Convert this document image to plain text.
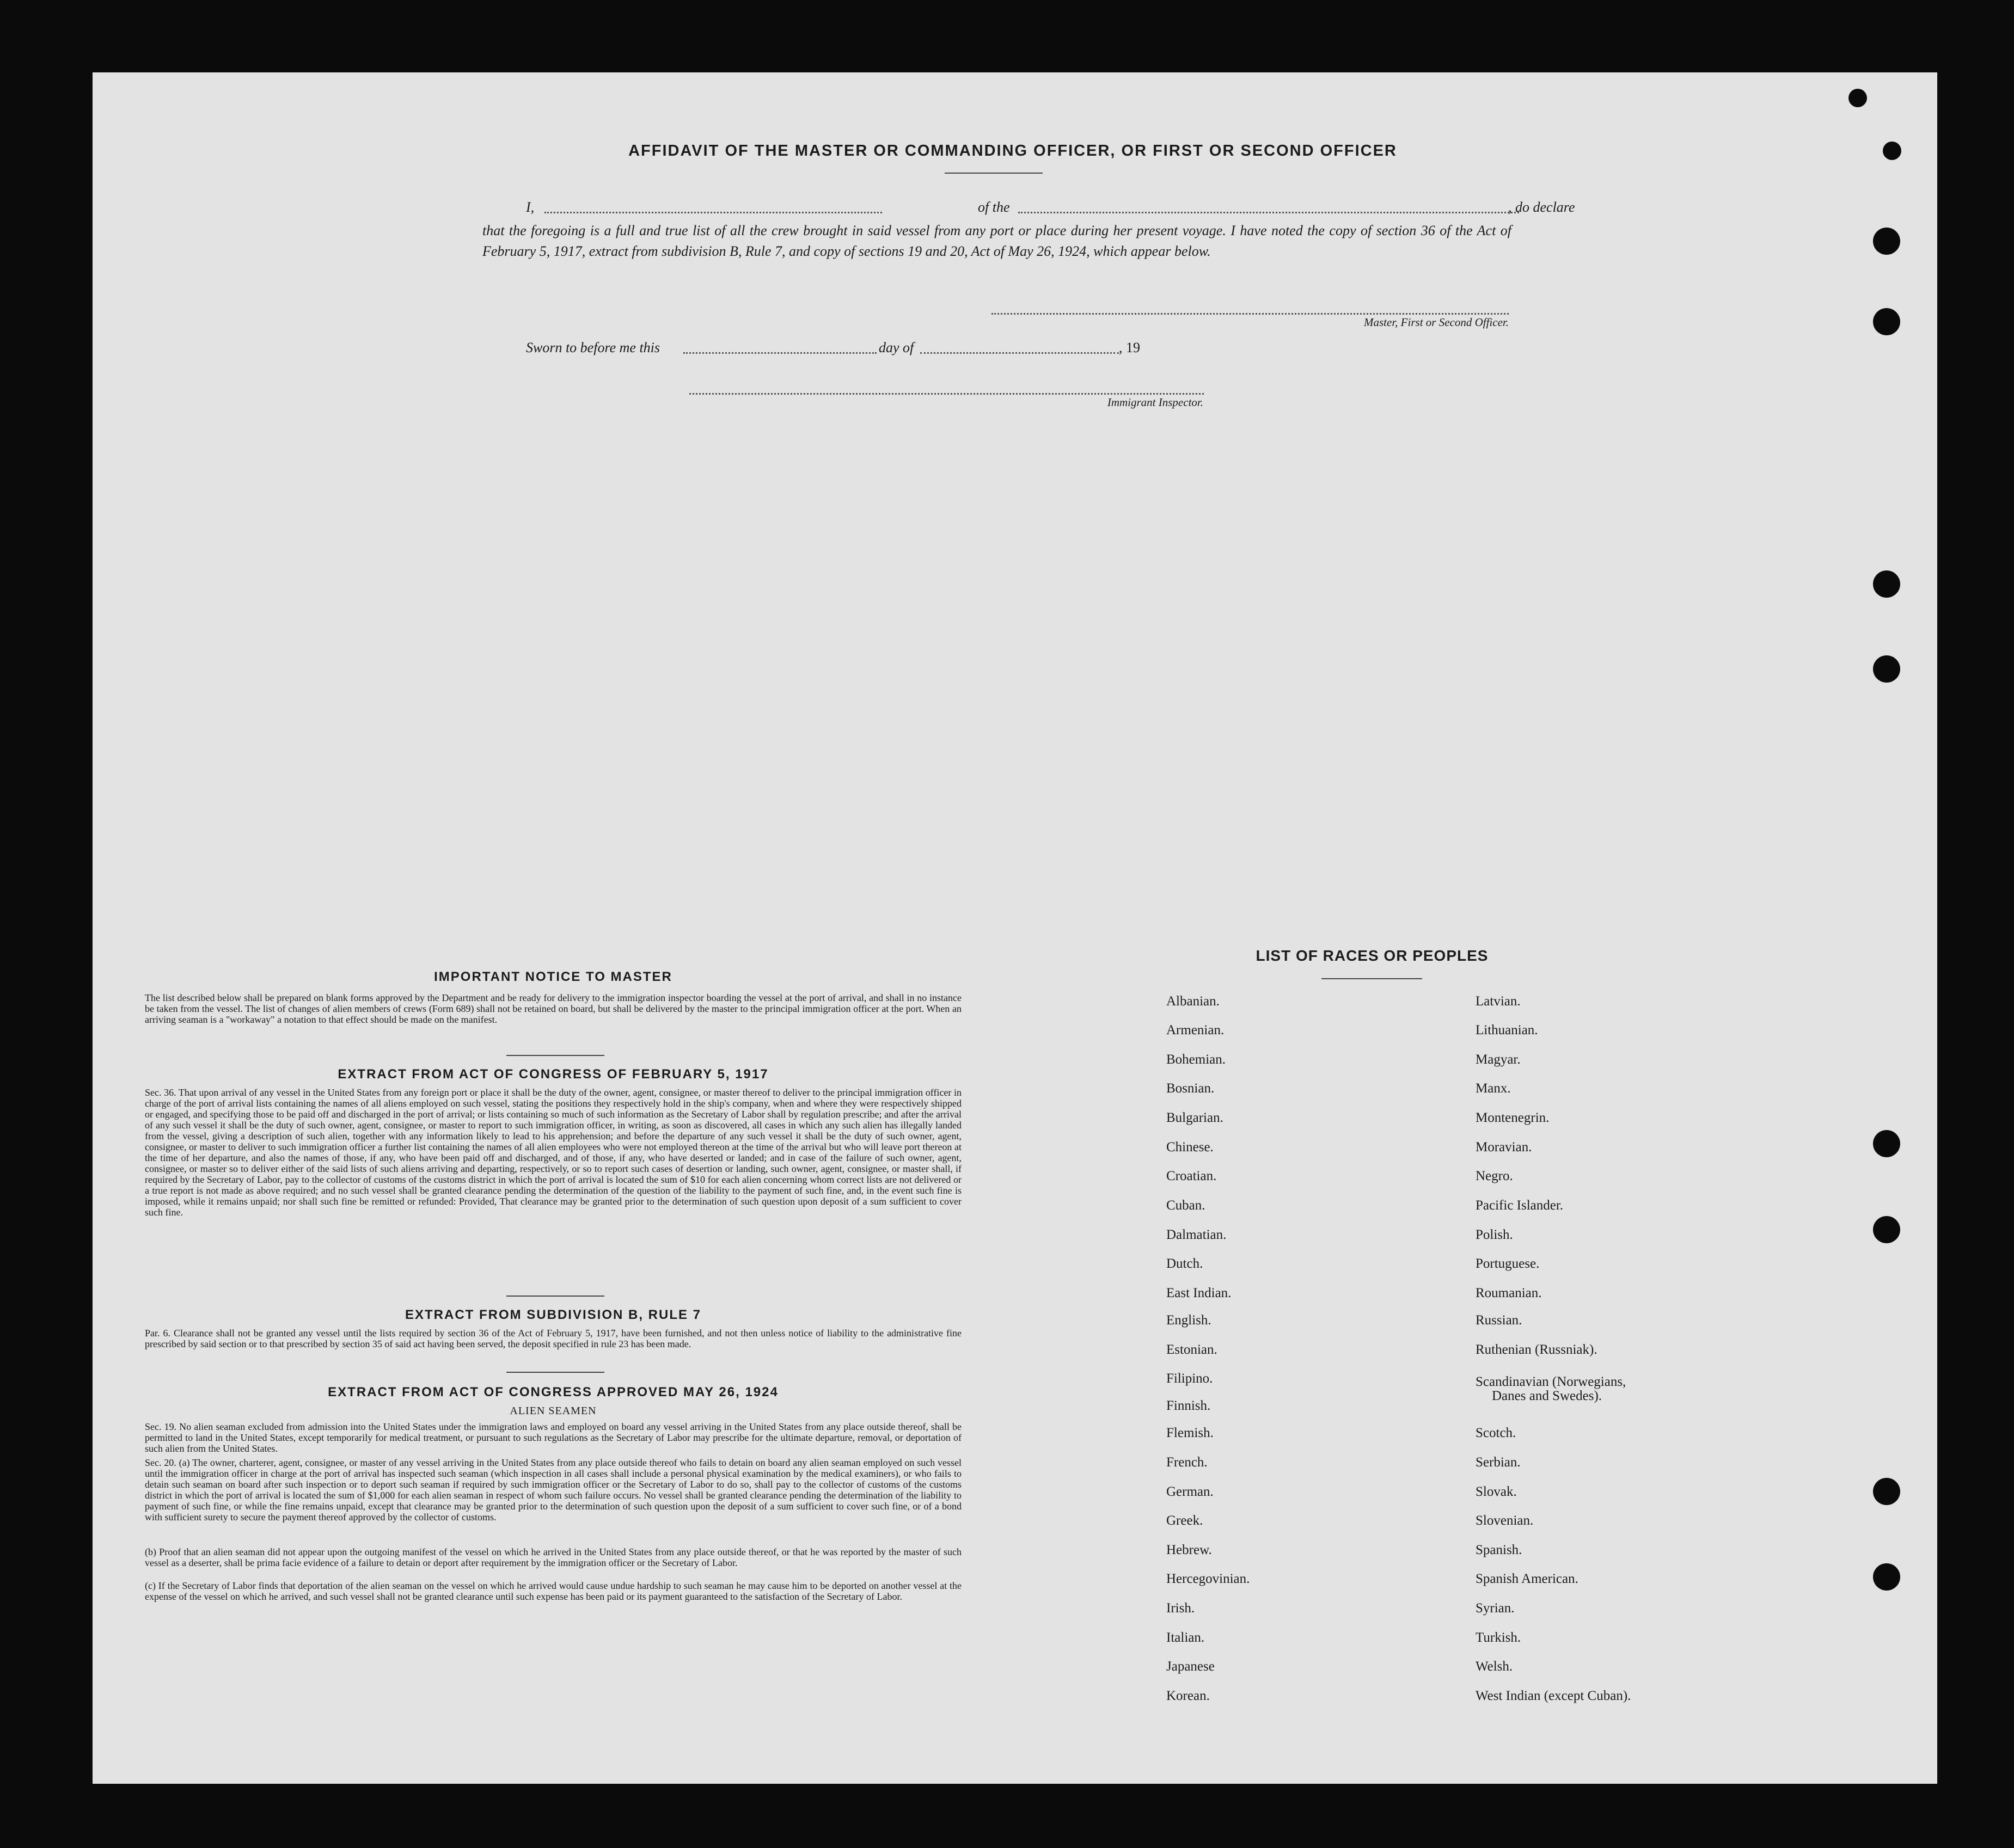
AFFIDAVIT OF THE MASTER OR COMMANDING OFFICER, OR FIRST OR SECOND OFFICER
I,	of the	, do declare
that the foregoing is a full and true list of all the crew brought in said vessel from any port or place during her present voyage. I have noted the copy of section 36 of the Act of February 5, 1917, extract from subdivision B, Rule 7, and copy of sections 19 and 20, Act of May 26, 1924, which appear below.
Master, First or Second Officer.
Sworn to before me this	day of	, 19
Immigrant Inspector.
IMPORTANT NOTICE TO MASTER
The list described below shall be prepared on blank forms approved by the Department and be ready for delivery to the immigration inspector boarding the vessel at the port of arrival, and shall in no instance be taken from the vessel. The list of changes of alien members of crews (Form 689) shall not be retained on board, but shall be delivered by the master to the principal immigration officer at the port. When an arriving seaman is a "workaway" a notation to that effect should be made on the manifest.
EXTRACT FROM ACT OF CONGRESS OF FEBRUARY 5, 1917
Sec. 36. That upon arrival of any vessel in the United States from any foreign port or place it shall be the duty of the owner, agent, consignee, or master thereof to deliver to the principal immigration officer in charge of the port of arrival lists containing the names of all aliens employed on such vessel, stating the positions they respectively hold in the ship's company, when and where they were respectively shipped or engaged, and specifying those to be paid off and discharged in the port of arrival; or lists containing so much of such information as the Secretary of Labor shall by regulation prescribe; and after the arrival of any such vessel it shall be the duty of such owner, agent, consignee, or master to report to such immigration officer, in writing, as soon as discovered, all cases in which any such alien has illegally landed from the vessel, giving a description of such alien, together with any information likely to lead to his apprehension; and before the departure of any such vessel it shall be the duty of such owner, agent, consignee, or master to deliver to such immigration officer a further list containing the names of all alien employees who were not employed thereon at the time of the arrival but who will leave port thereon at the time of her departure, and also the names of those, if any, who have been paid off and discharged, and of those, if any, who have deserted or landed; and in case of the failure of such owner, agent, consignee, or master so to deliver either of the said lists of such aliens arriving and departing, respectively, or so to report such cases of desertion or landing, such owner, agent, consignee, or master shall, if required by the Secretary of Labor, pay to the collector of customs of the customs district in which the port of arrival is located the sum of $10 for each alien concerning whom correct lists are not delivered or a true report is not made as above required; and no such vessel shall be granted clearance pending the determination of the question of the liability to the payment of such fine, and, in the event such fine is imposed, while it remains unpaid; nor shall such fine be remitted or refunded: Provided, That clearance may be granted prior to the determination of such question upon deposit of a sum sufficient to cover such fine.
EXTRACT FROM SUBDIVISION B, RULE 7
Par. 6. Clearance shall not be granted any vessel until the lists required by section 36 of the Act of February 5, 1917, have been furnished, and not then unless notice of liability to the administrative fine prescribed by said section or to that prescribed by section 35 of said act having been served, the deposit specified in rule 23 has been made.
EXTRACT FROM ACT OF CONGRESS APPROVED MAY 26, 1924
ALIEN SEAMEN
Sec. 19. No alien seaman excluded from admission into the United States under the immigration laws and employed on board any vessel arriving in the United States from any place outside thereof, shall be permitted to land in the United States, except temporarily for medical treatment, or pursuant to such regulations as the Secretary of Labor may prescribe for the ultimate departure, removal, or deportation of such alien from the United States.
Sec. 20. (a) The owner, charterer, agent, consignee, or master of any vessel arriving in the United States from any place outside thereof who fails to detain on board any alien seaman employed on such vessel until the immigration officer in charge at the port of arrival has inspected such seaman (which inspection in all cases shall include a personal physical examination by the medical examiners), or who fails to detain such seaman on board after such inspection or to deport such seaman if required by such immigration officer or the Secretary of Labor to do so, shall pay to the collector of customs of the customs district in which the port of arrival is located the sum of $1,000 for each alien seaman in respect of whom such failure occurs. No vessel shall be granted clearance pending the determination of the liability to payment of such fine, or while the fine remains unpaid, except that clearance may be granted prior to the determination of such question upon the deposit of a sum sufficient to cover such fine, or of a bond with sufficient surety to secure the payment thereof approved by the collector of customs.
(b) Proof that an alien seaman did not appear upon the outgoing manifest of the vessel on which he arrived in the United States from any place outside thereof, or that he was reported by the master of such vessel as a deserter, shall be prima facie evidence of a failure to detain or deport after requirement by the immigration officer or the Secretary of Labor.
(c) If the Secretary of Labor finds that deportation of the alien seaman on the vessel on which he arrived would cause undue hardship to such seaman he may cause him to be deported on another vessel at the expense of the vessel on which he arrived, and such vessel shall not be granted clearance until such expense has been paid or its payment guaranteed to the satisfaction of the Secretary of Labor.
LIST OF RACES OR PEOPLES
Albanian.
Armenian.
Bohemian.
Bosnian.
Bulgarian.
Chinese.
Croatian.
Cuban.
Dalmatian.
Dutch.
East Indian.
English.
Estonian.
Filipino.
Finnish.
Flemish.
French.
German.
Greek.
Hebrew.
Hercegovinian.
Irish.
Italian.
Japanese
Korean.
Latvian.
Lithuanian.
Magyar.
Manx.
Montenegrin.
Moravian.
Negro.
Pacific Islander.
Polish.
Portuguese.
Roumanian.
Russian.
Ruthenian (Russniak).
Scandinavian (Norwegians,
Danes and Swedes).
Scotch.
Serbian.
Slovak.
Slovenian.
Spanish.
Spanish American.
Syrian.
Turkish.
Welsh.
West Indian (except Cuban).
